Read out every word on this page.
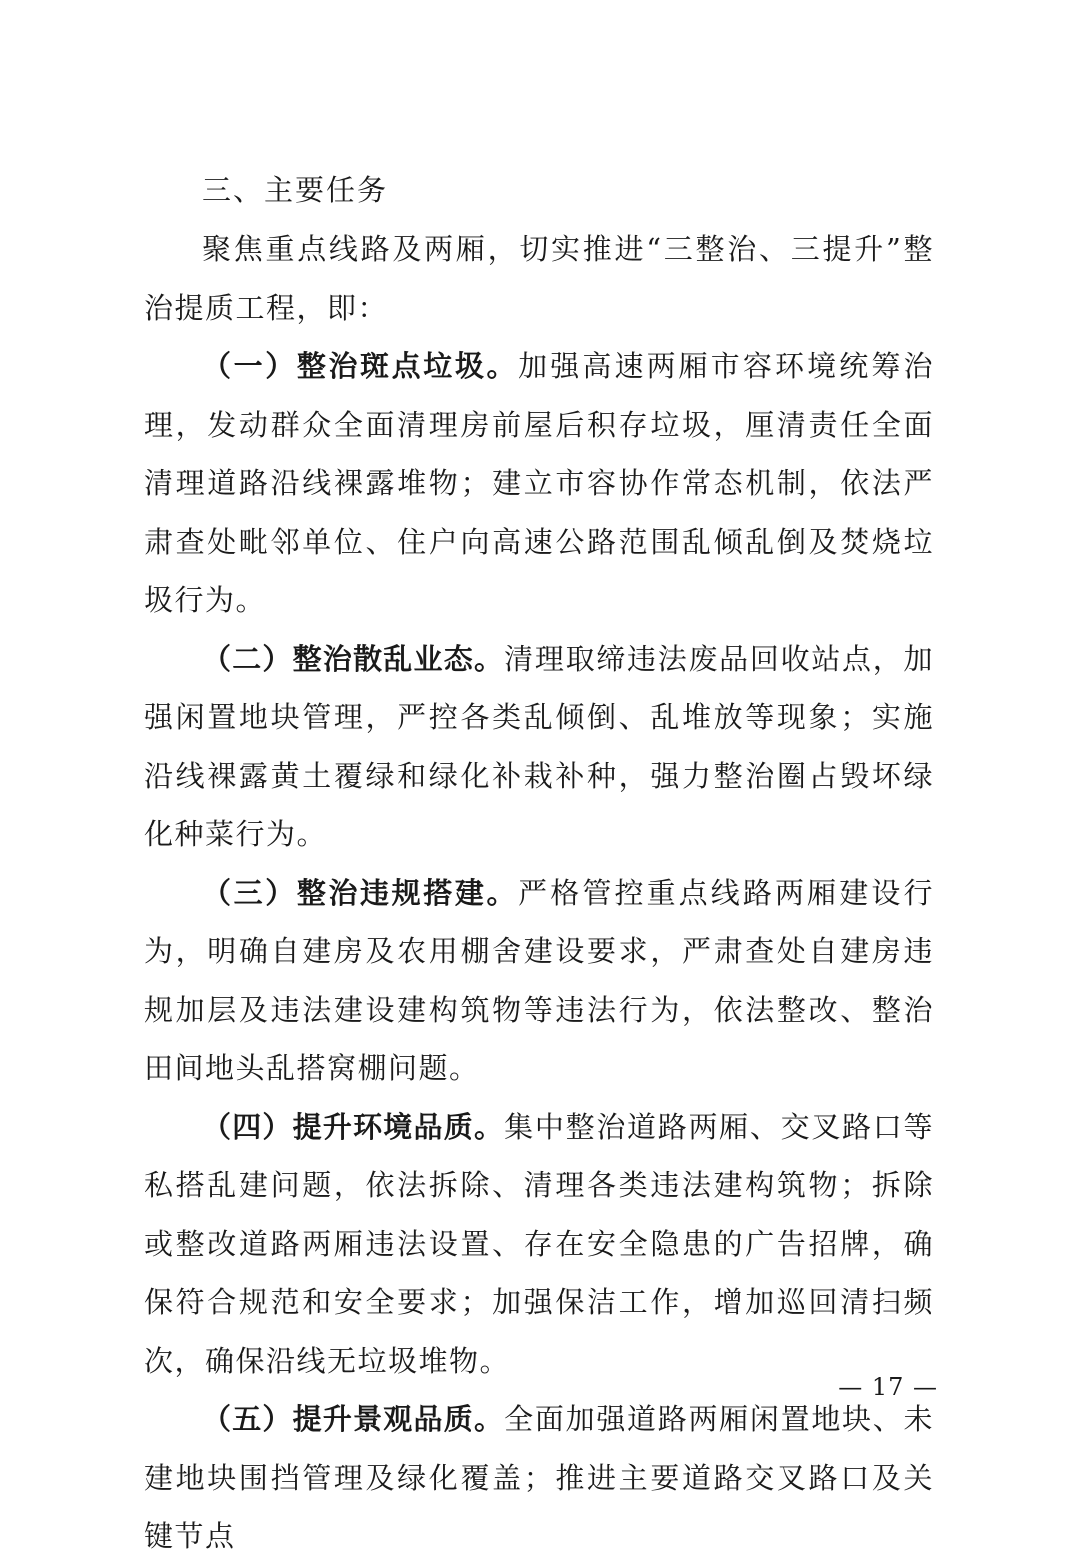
三、主要任务

聚焦重点线路及两厢，切实推进“三整治、三提升”整治提质工程，即：

（一）整治斑点垃圾。加强高速两厢市容环境统筹治理，发动群众全面清理房前屋后积存垃圾，厘清责任全面清理道路沿线裸露堆物；建立市容协作常态机制，依法严肃查处毗邻单位、住户向高速公路范围乱倾乱倒及焚烧垃圾行为。

（二）整治散乱业态。清理取缔违法废品回收站点，加强闲置地块管理，严控各类乱倾倒、乱堆放等现象；实施沿线裸露黄土覆绿和绿化补栽补种，强力整治圈占毁坏绿化种菜行为。

（三）整治违规搭建。严格管控重点线路两厢建设行为，明确自建房及农用棚舍建设要求，严肃查处自建房违规加层及违法建设建构筑物等违法行为，依法整改、整治田间地头乱搭窝棚问题。

（四）提升环境品质。集中整治道路两厢、交叉路口等私搭乱建问题，依法拆除、清理各类违法建构筑物；拆除或整改道路两厢违法设置、存在安全隐患的广告招牌，确保符合规范和安全要求；加强保洁工作，增加巡回清扫频次，确保沿线无垃圾堆物。

（五）提升景观品质。全面加强道路两厢闲置地块、未建地块围挡管理及绿化覆盖；推进主要道路交叉路口及关键节点

— 17 —
